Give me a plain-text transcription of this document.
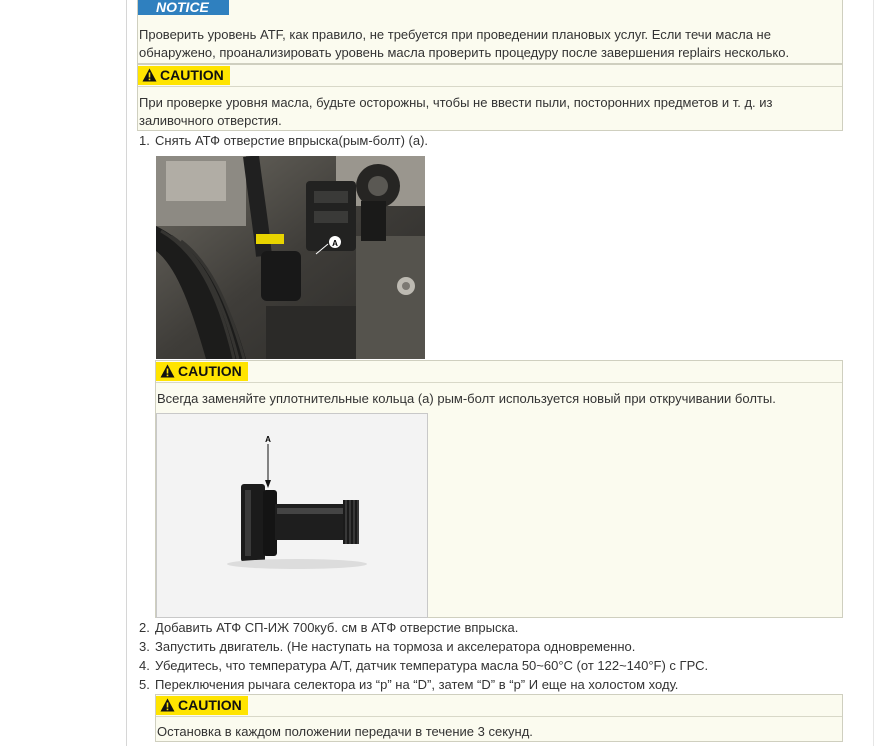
NOTICE
Проверить уровень ATF, как правило, не требуется при проведении плановых услуг. Если течи масла не
обнаружено, проанализировать уровень масла проверить процедуру после завершения replairs несколько.
CAUTION
При проверке уровня масла, будьте осторожны, чтобы не ввести пыли, посторонних предметов и т. д. из
заливочного отверстия.
1. Снять АТФ отверстие впрыска(рым-болт) (a).
A
CAUTION
Всегда заменяйте уплотнительные кольца (a) рым-болт используется новый при откручивании болты.
A
2. Добавить АТФ СП-ИЖ 700куб. см в АТФ отверстие впрыска.
3. Запустить двигатель. (Не наступать на тормоза и акселератора одновременно.
4. Убедитесь, что температура A/T, датчик температура масла 50~60°C (от 122~140°F) с ГРС.
5. Переключения рычага селектора из “р” на “D”, затем “D” в “р” И еще на холостом ходу.
CAUTION
Остановка в каждом положении передачи в течение 3 секунд.
